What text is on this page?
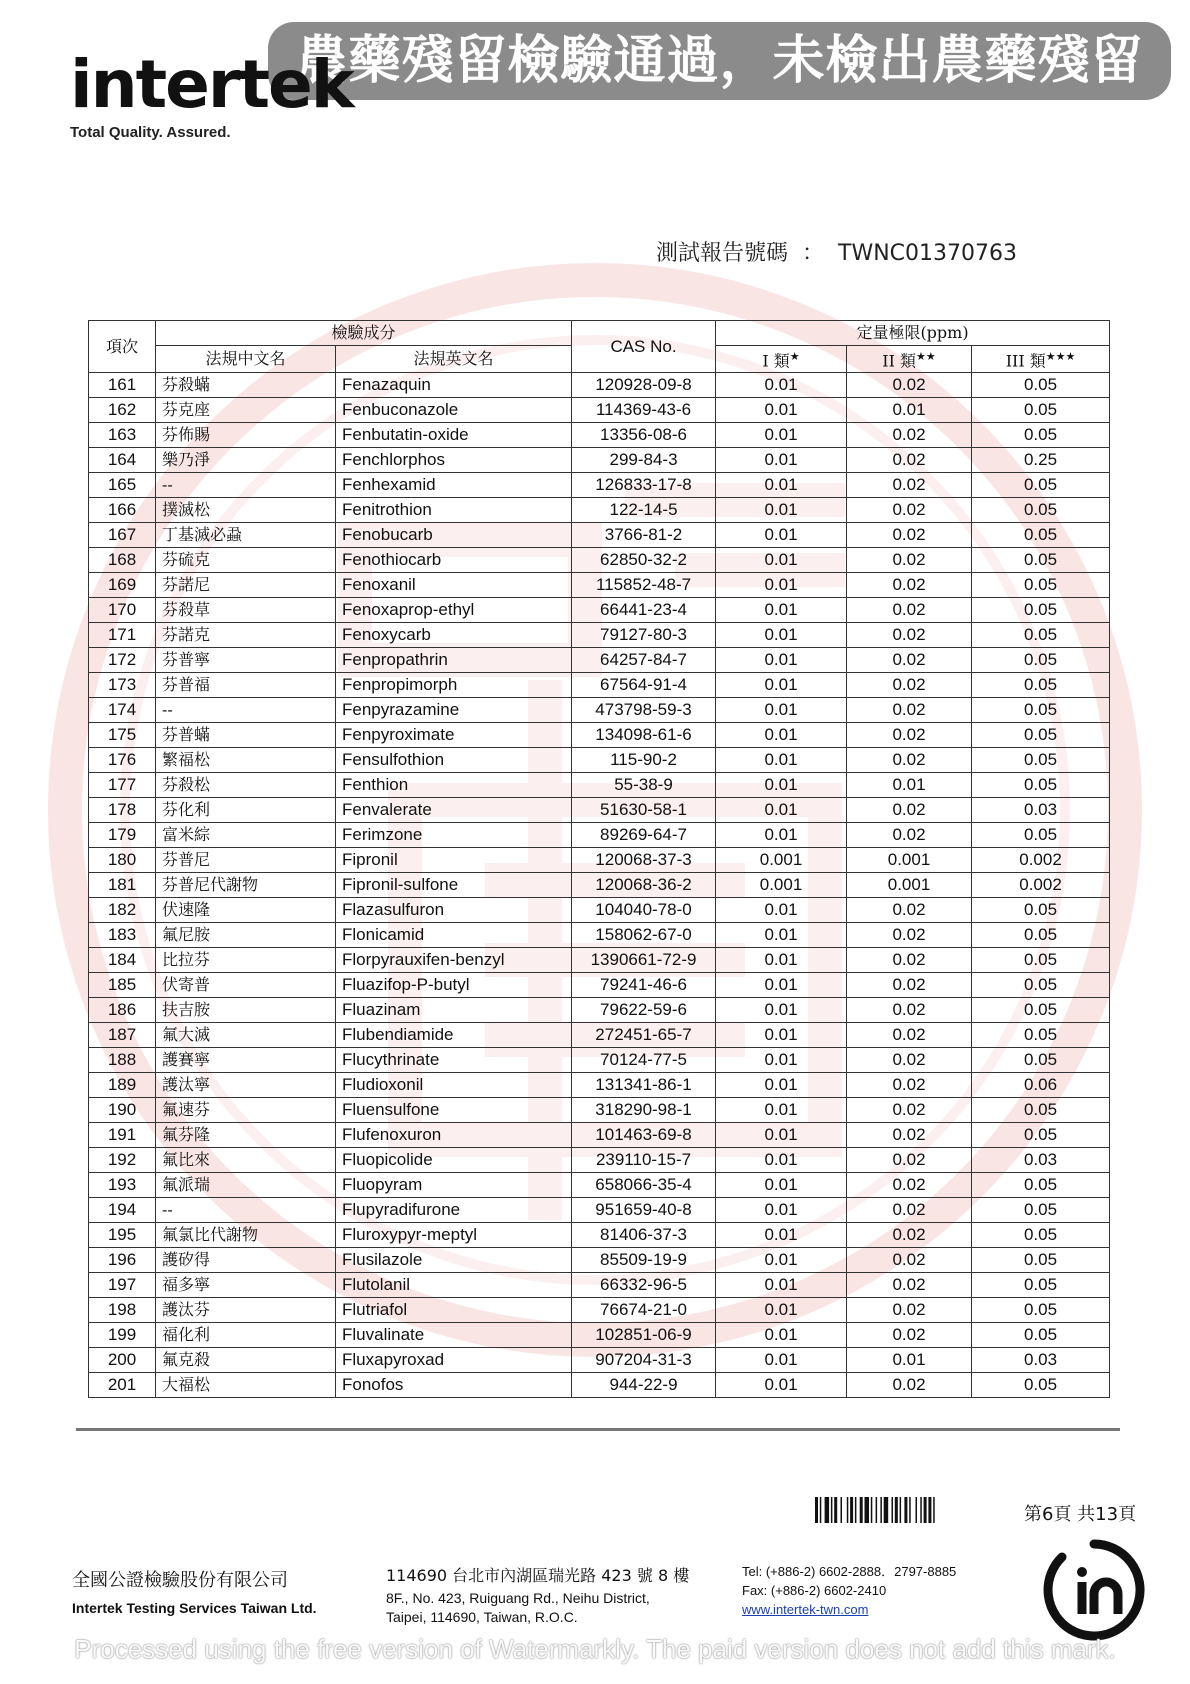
農藥殘留檢驗通過，未檢出農藥殘留
intertek
Total Quality. Assured.
測試報告號碼 ： TWNC01370763
項次	檢驗成分		CAS No.	定量極限(ppm)		
	法規中文名	法規英文名		I 類★	II 類★★	III 類★★★
161	芬殺蟎	Fenazaquin	120928-09-8	0.01	0.02	0.05
162	芬克座	Fenbuconazole	114369-43-6	0.01	0.01	0.05
163	芬佈賜	Fenbutatin-oxide	13356-08-6	0.01	0.02	0.05
164	樂乃淨	Fenchlorphos	299-84-3	0.01	0.02	0.25
165	--	Fenhexamid	126833-17-8	0.01	0.02	0.05
166	撲滅松	Fenitrothion	122-14-5	0.01	0.02	0.05
167	丁基滅必蝨	Fenobucarb	3766-81-2	0.01	0.02	0.05
168	芬硫克	Fenothiocarb	62850-32-2	0.01	0.02	0.05
169	芬諾尼	Fenoxanil	115852-48-7	0.01	0.02	0.05
170	芬殺草	Fenoxaprop-ethyl	66441-23-4	0.01	0.02	0.05
171	芬諾克	Fenoxycarb	79127-80-3	0.01	0.02	0.05
172	芬普寧	Fenpropathrin	64257-84-7	0.01	0.02	0.05
173	芬普福	Fenpropimorph	67564-91-4	0.01	0.02	0.05
174	--	Fenpyrazamine	473798-59-3	0.01	0.02	0.05
175	芬普蟎	Fenpyroximate	134098-61-6	0.01	0.02	0.05
176	繁福松	Fensulfothion	115-90-2	0.01	0.02	0.05
177	芬殺松	Fenthion	55-38-9	0.01	0.01	0.05
178	芬化利	Fenvalerate	51630-58-1	0.01	0.02	0.03
179	富米綜	Ferimzone	89269-64-7	0.01	0.02	0.05
180	芬普尼	Fipronil	120068-37-3	0.001	0.001	0.002
181	芬普尼代謝物	Fipronil-sulfone	120068-36-2	0.001	0.001	0.002
182	伏速隆	Flazasulfuron	104040-78-0	0.01	0.02	0.05
183	氟尼胺	Flonicamid	158062-67-0	0.01	0.02	0.05
184	比拉芬	Florpyrauxifen-benzyl	1390661-72-9	0.01	0.02	0.05
185	伏寄普	Fluazifop-P-butyl	79241-46-6	0.01	0.02	0.05
186	扶吉胺	Fluazinam	79622-59-6	0.01	0.02	0.05
187	氟大滅	Flubendiamide	272451-65-7	0.01	0.02	0.05
188	護賽寧	Flucythrinate	70124-77-5	0.01	0.02	0.05
189	護汰寧	Fludioxonil	131341-86-1	0.01	0.02	0.06
190	氟速芬	Fluensulfone	318290-98-1	0.01	0.02	0.05
191	氟芬隆	Flufenoxuron	101463-69-8	0.01	0.02	0.05
192	氟比來	Fluopicolide	239110-15-7	0.01	0.02	0.03
193	氟派瑞	Fluopyram	658066-35-4	0.01	0.02	0.05
194	--	Flupyradifurone	951659-40-8	0.01	0.02	0.05
195	氟氯比代謝物	Fluroxypyr-meptyl	81406-37-3	0.01	0.02	0.05
196	護矽得	Flusilazole	85509-19-9	0.01	0.02	0.05
197	福多寧	Flutolanil	66332-96-5	0.01	0.02	0.05
198	護汰芬	Flutriafol	76674-21-0	0.01	0.02	0.05
199	福化利	Fluvalinate	102851-06-9	0.01	0.02	0.05
200	氟克殺	Fluxapyroxad	907204-31-3	0.01	0.01	0.03
201	大福松	Fonofos	944-22-9	0.01	0.02	0.05
第6頁 共13頁
全國公證檢驗股份有限公司
Intertek Testing Services Taiwan Ltd.
114690 台北市內湖區瑞光路 423 號 8 樓
8F., No. 423, Ruiguang Rd., Neihu District,
Taipei, 114690, Taiwan, R.O.C.
Tel: (+886-2) 6602-2888．2797-8885
Fax: (+886-2) 6602-2410
www.intertek-twn.com
Processed using the free version of Watermarkly. The paid version does not add this mark.
